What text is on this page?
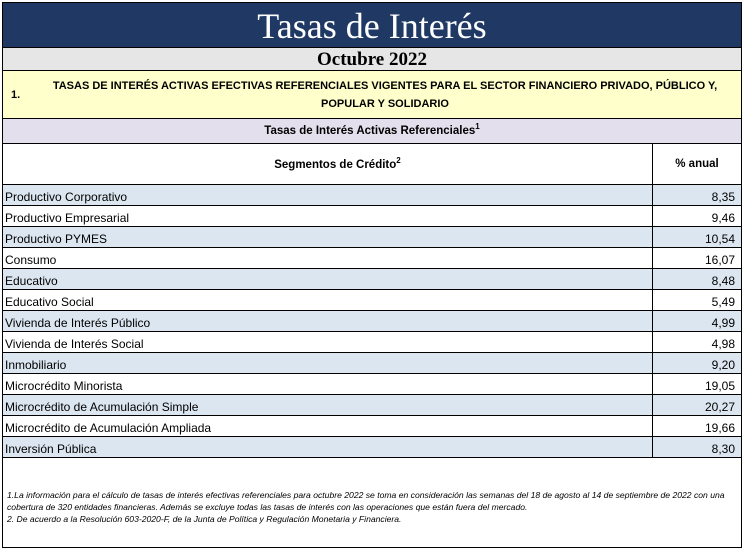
Tasas de Interés
Octubre 2022
1.
TASAS DE INTERÉS ACTIVAS EFECTIVAS REFERENCIALES VIGENTES PARA EL SECTOR FINANCIERO PRIVADO, PÚBLICO Y, POPULAR Y SOLIDARIO
Tasas de Interés Activas Referenciales$^1$
Segmentos de Crédito$^2$	% anual
Productivo Corporativo	8,35
Productivo Empresarial	9,46
Productivo PYMES	10,54
Consumo	16,07
Educativo	8,48
Educativo Social	5,49
Vivienda de Interés Público	4,99
Vivienda de Interés Social	4,98
Inmobiliario	9,20
Microcrédito Minorista	19,05
Microcrédito de Acumulación Simple	20,27
Microcrédito de Acumulación Ampliada	19,66
Inversión Pública	8,30
1.La información para el cálculo de tasas de interés efectivas referenciales para octubre 2022 se toma en consideración las semanas del 18 de agosto al 14 de septiembre de 2022 con una cobertura de 320 entidades financieras. Además se excluye todas las tasas de interés con las operaciones que están fuera del mercado.
2. De acuerdo a la Resolución 603-2020-F, de la Junta de Política y Regulación Monetaria y Financiera.
